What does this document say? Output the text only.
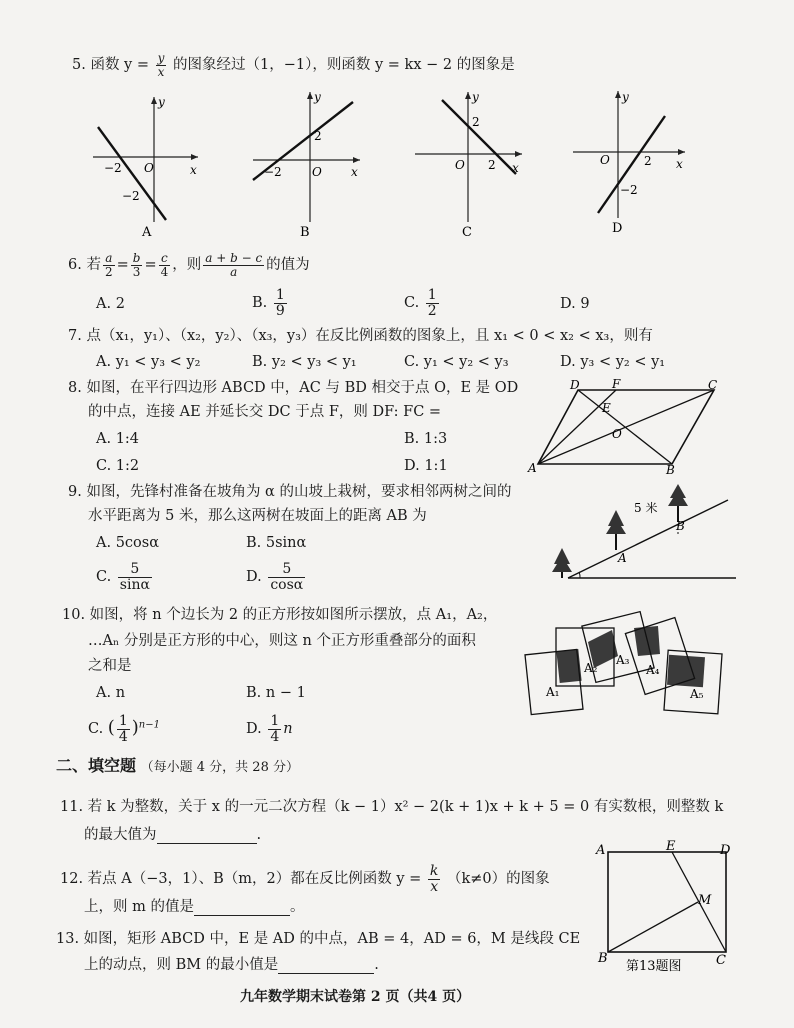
5. 函数 $y = \frac{y}{x}$ 的图象经过（1，−1），则函数 y = kx − 2 的图象是
x
y
O
−2
−2
A
x
y
O
−2
2
B
x
y
O 2
2
C
x
y
O	2
−2
D
6. 若 $\frac{a}{2} = \frac{b}{3} = \frac{c}{4}$ ，则 $\frac{a + b - c}{a}$ 的值为
A. 2	B. $\frac{1}{9}$	C. $\frac{1}{2}$	D. 9
7. 点（x₁，y₁）、（x₂，y₂）、（x₃，y₃）在反比例函数的图象上，且 x₁ < 0 < x₂ < x₃，则有
A. y₁ < y₃ < y₂	B. y₂ < y₃ < y₁	C. y₁ < y₂ < y₃	D. y₃ < y₂ < y₁
8. 如图，在平行四边形 ABCD 中，AC 与 BD 相交于点 O，E 是 OD
的中点，连接 AE 并延长交 DC 于点 F，则 DF: FC =
A. 1:4	B. 1:3
C. 1:2	D. 1:1
D	F	C
E
O
A	B
9. 如图，先锋村准备在坡角为 α 的山坡上栽树，要求相邻两树之间的
水平距离为 5 米，那么这两树在坡面上的距离 AB 为
A. 5cosα	B. 5sinα
C. $\frac{5}{\sin\alpha}$	D. $\frac{5}{\cos\alpha}$
5 米
A
B
10. 如图，将 n 个边长为 2 的正方形按如图所示摆放，点 A₁，A₂，
…Aₙ 分别是正方形的中心，则这 n 个正方形重叠部分的面积
之和是
A. n	B. n − 1
C. ( $\frac{1}{4} )^{n-1}$	D. $\frac{1}{4}$ n
A₁
A₂
A₃
A₄
A₅
二、填空题 （每小题 4 分，共 28 分）
11. 若 k 为整数，关于 x 的一元二次方程（k − 1）x² − 2(k + 1)x + k + 5 = 0 有实数根，则整数 k
的最大值为	.
12. 若点 A（−3，1）、B（m，2）都在反比例函数 $y = \frac{k}{x} (k\ne 0)$的图象
上，则 m 的值是	。
13. 如图，矩形 ABCD 中，E 是 AD 的中点，AB = 4，AD = 6，M 是线段 CE
上的动点，则 BM 的最小值是	.
A	E	D
M
B	C
第13题图
九年数学期末试卷第 2 页（共4 页）
